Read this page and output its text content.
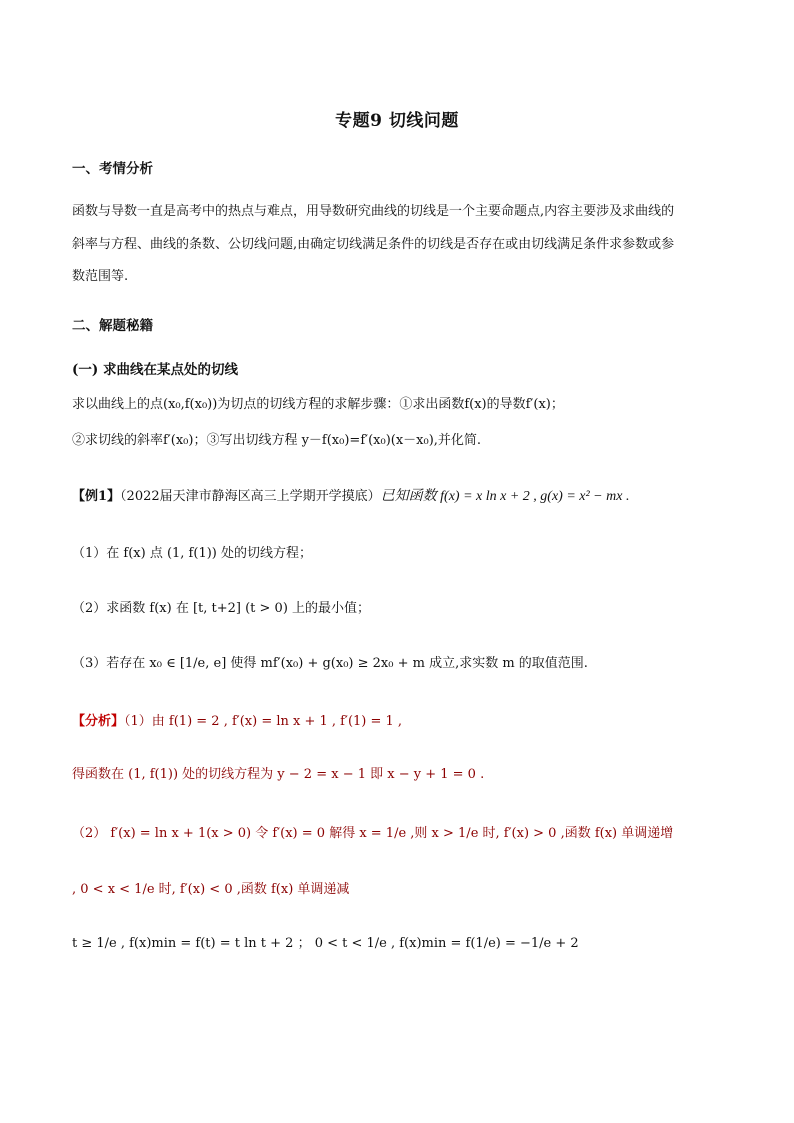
专题9 切线问题
一、考情分析
函数与导数一直是高考中的热点与难点，用导数研究曲线的切线是一个主要命题点,内容主要涉及求曲线的
斜率与方程、曲线的条数、公切线问题,由确定切线满足条件的切线是否存在或由切线满足条件求参数或参
数范围等.
二、解题秘籍
(一) 求曲线在某点处的切线
求以曲线上的点(x₀,f(x₀))为切点的切线方程的求解步骤：①求出函数f(x)的导数f′(x)；
②求切线的斜率f′(x₀)；③写出切线方程 y－f(x₀)=f′(x₀)(x－x₀),并化简.
【例1】（2022届天津市静海区高三上学期开学摸底）已知函数 f(x) = x ln x + 2 , g(x) = x² − mx .
（1）在 f(x) 点 (1, f(1)) 处的切线方程；
（2）求函数 f(x) 在 [t, t+2] (t > 0) 上的最小值；
（3）若存在 x₀ ∈ [1/e, e] 使得 mf′(x₀) + g(x₀) ≥ 2x₀ + m 成立,求实数 m 的取值范围.
【分析】（1）由 f(1) = 2 , f′(x) = ln x + 1 , f′(1) = 1 ,
得函数在 (1, f(1)) 处的切线方程为 y − 2 = x − 1 即 x − y + 1 = 0 .
（2） f′(x) = ln x + 1(x > 0) 令 f′(x) = 0 解得 x = 1/e ,则 x > 1/e 时, f′(x) > 0 ,函数 f(x) 单调递增
, 0 < x < 1/e 时, f′(x) < 0 ,函数 f(x) 单调递减
t ≥ 1/e , f(x)min = f(t) = t ln t + 2 ； 0 < t < 1/e , f(x)min = f(1/e) = −1/e + 2
